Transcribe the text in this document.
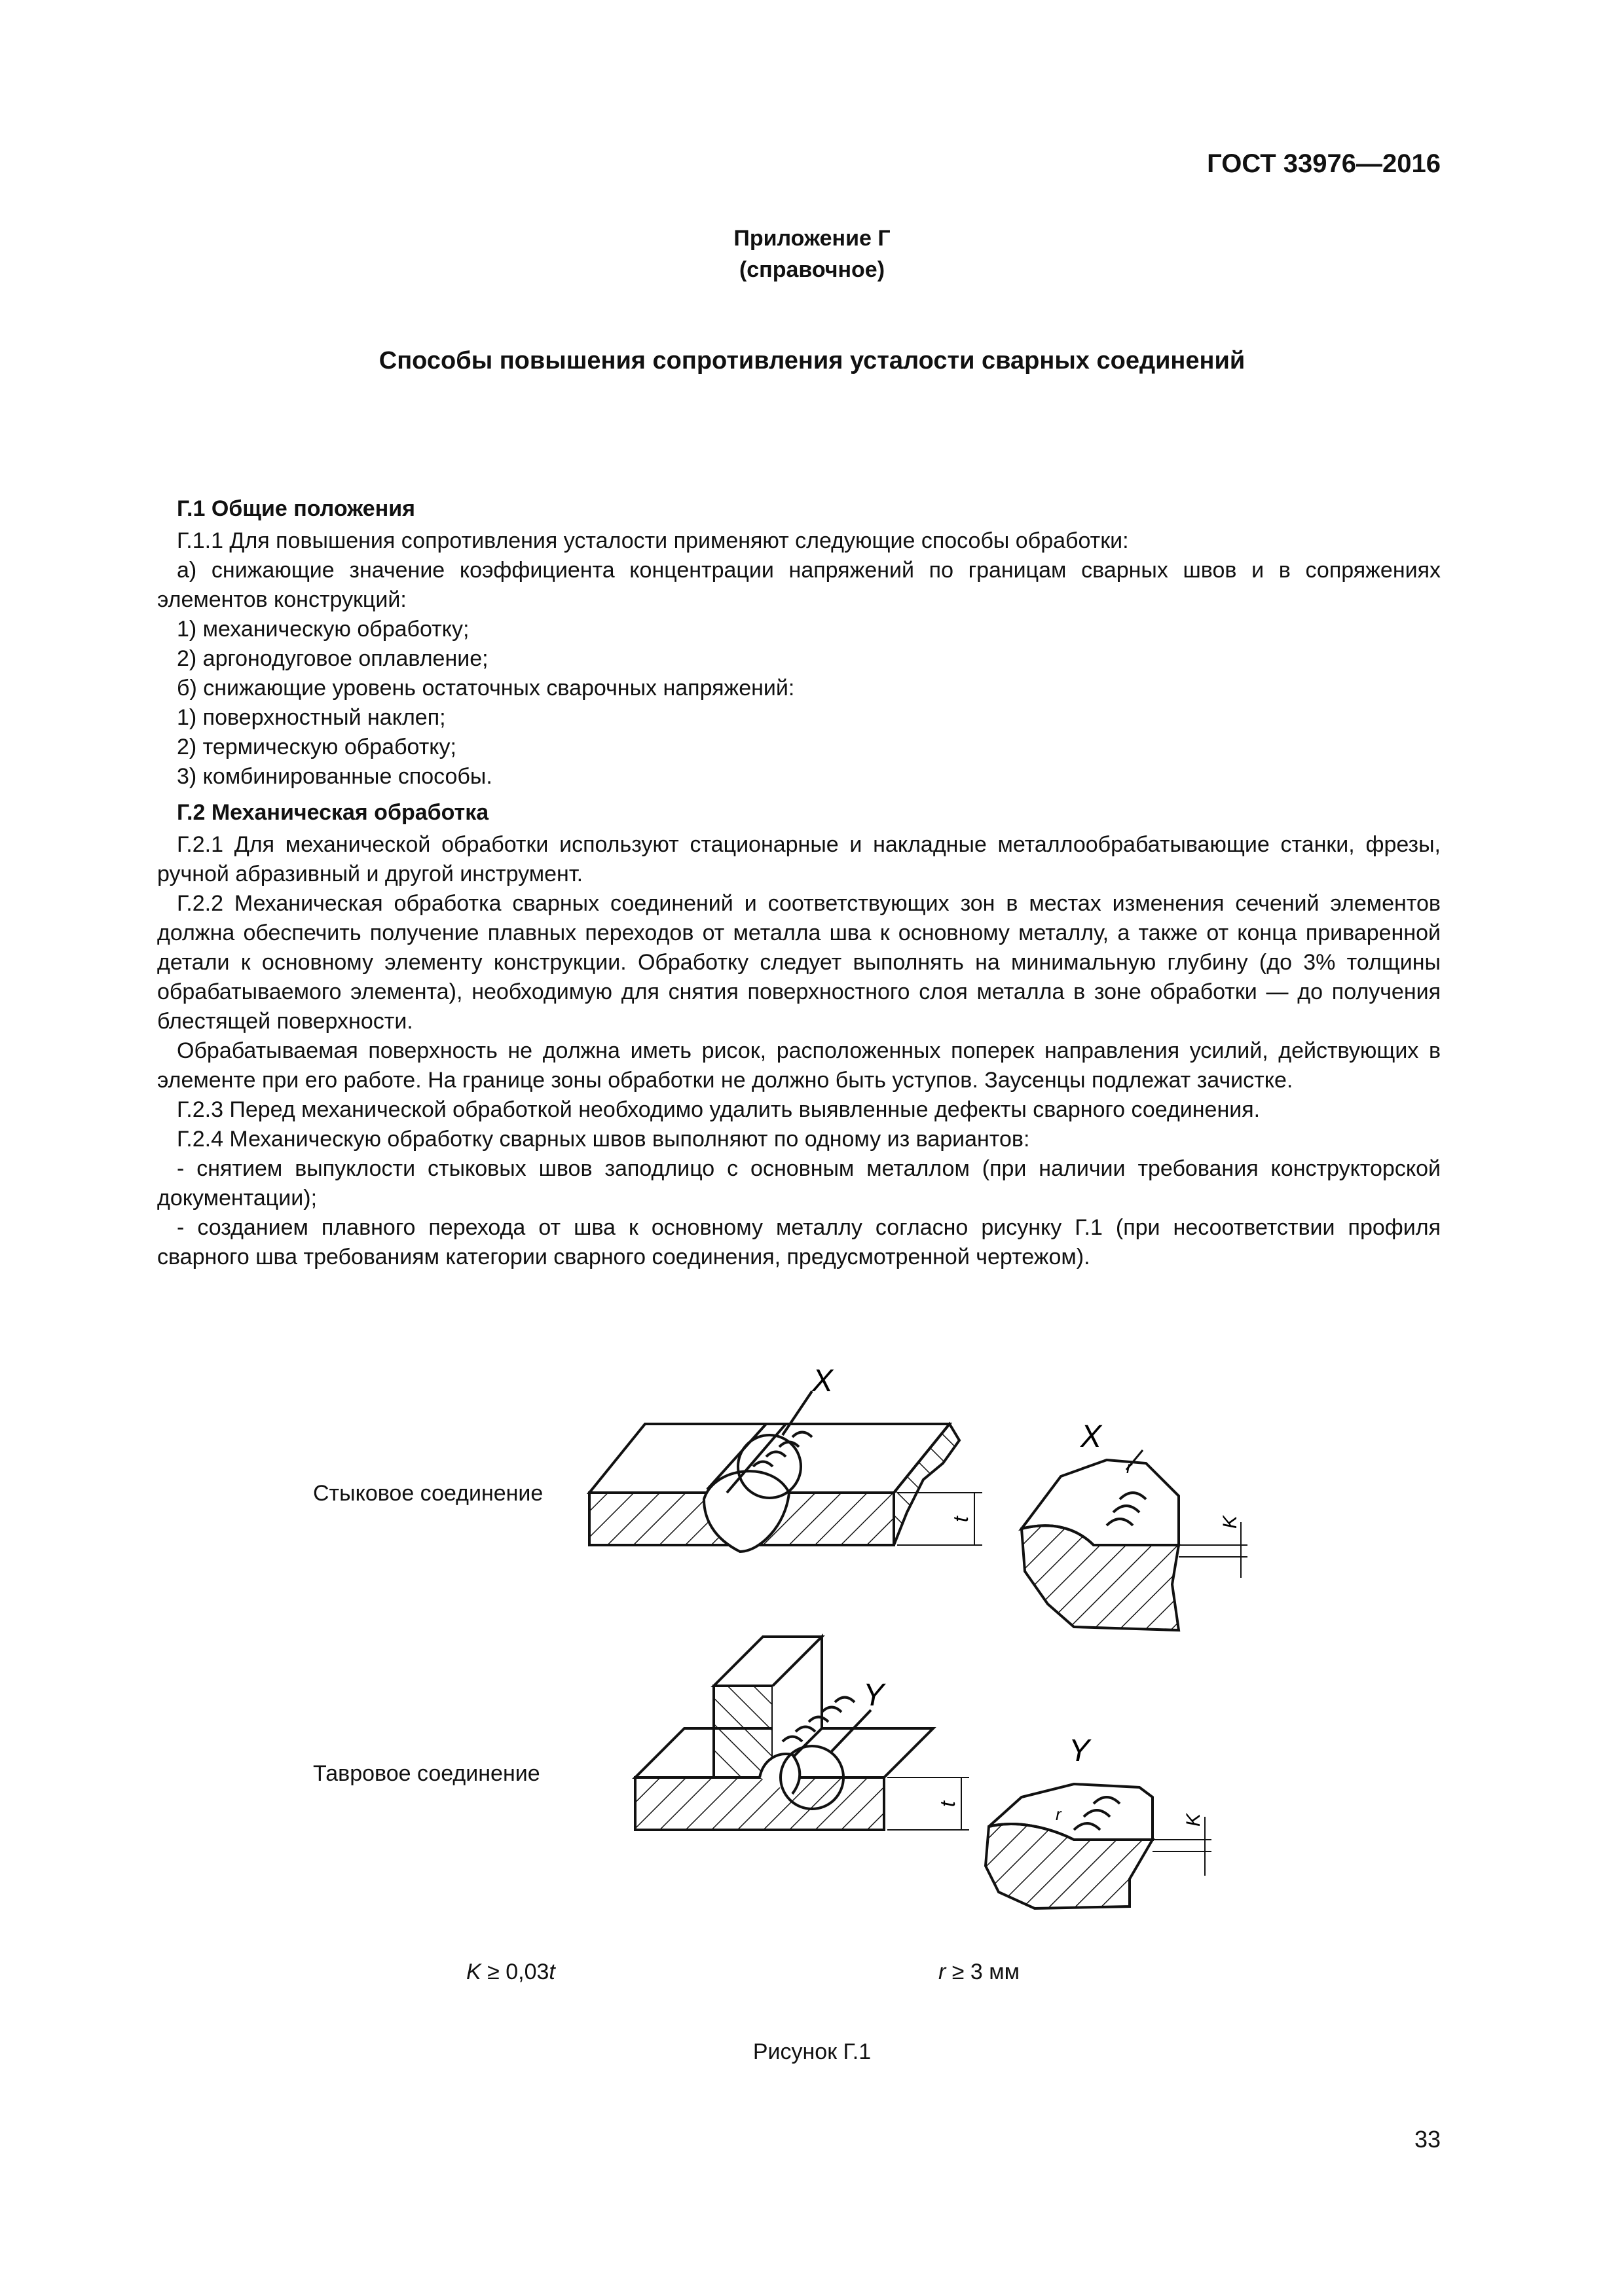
ГОСТ 33976—2016
Приложение Г
(справочное)
Способы повышения сопротивления усталости сварных соединений

Г.1 Общие положения

Г.1.1 Для повышения сопротивления усталости применяют следующие способы обработки:

а) снижающие значение коэффициента концентрации напряжений по границам сварных швов и в сопряжениях элементов конструкций:

1) механическую обработку;

2) аргонодуговое оплавление;

б) снижающие уровень остаточных сварочных напряжений:

1) поверхностный наклеп;

2) термическую обработку;

3) комбинированные способы.

Г.2 Механическая обработка

Г.2.1 Для механической обработки используют стационарные и накладные металлообрабатывающие станки, фрезы, ручной абразивный и другой инструмент.

Г.2.2 Механическая обработка сварных соединений и соответствующих зон в местах изменения сечений элементов должна обеспечить получение плавных переходов от металла шва к основному металлу, а также от конца приваренной детали к основному элементу конструкции. Обработку следует выполнять на минимальную глубину (до 3% толщины обрабатываемого элемента), необходимую для снятия поверхностного слоя металла в зоне обработки — до получения блестящей поверхности.

Обрабатываемая поверхность не должна иметь рисок, расположенных поперек направления усилий, действующих в элементе при его работе. На границе зоны обработки не должно быть уступов. Заусенцы подлежат зачистке.

Г.2.3 Перед механической обработкой необходимо удалить выявленные дефекты сварного соединения.

Г.2.4 Механическую обработку сварных швов выполняют по одному из вариантов:

- снятием выпуклости стыковых швов заподлицо с основным металлом (при наличии требования конструкторской документации);

- созданием плавного перехода от шва к основному металлу согласно рисунку Г.1 (при несоответствии профиля сварного шва требованиям категории сварного соединения, предусмотренной чертежом).

Стыковое соединение
Тавровое соединение
X
t
X
r
K
Y
t
Y
r	K
K ≥ 0,03t	r ≥ 3 мм
Рисунок Г.1
33
